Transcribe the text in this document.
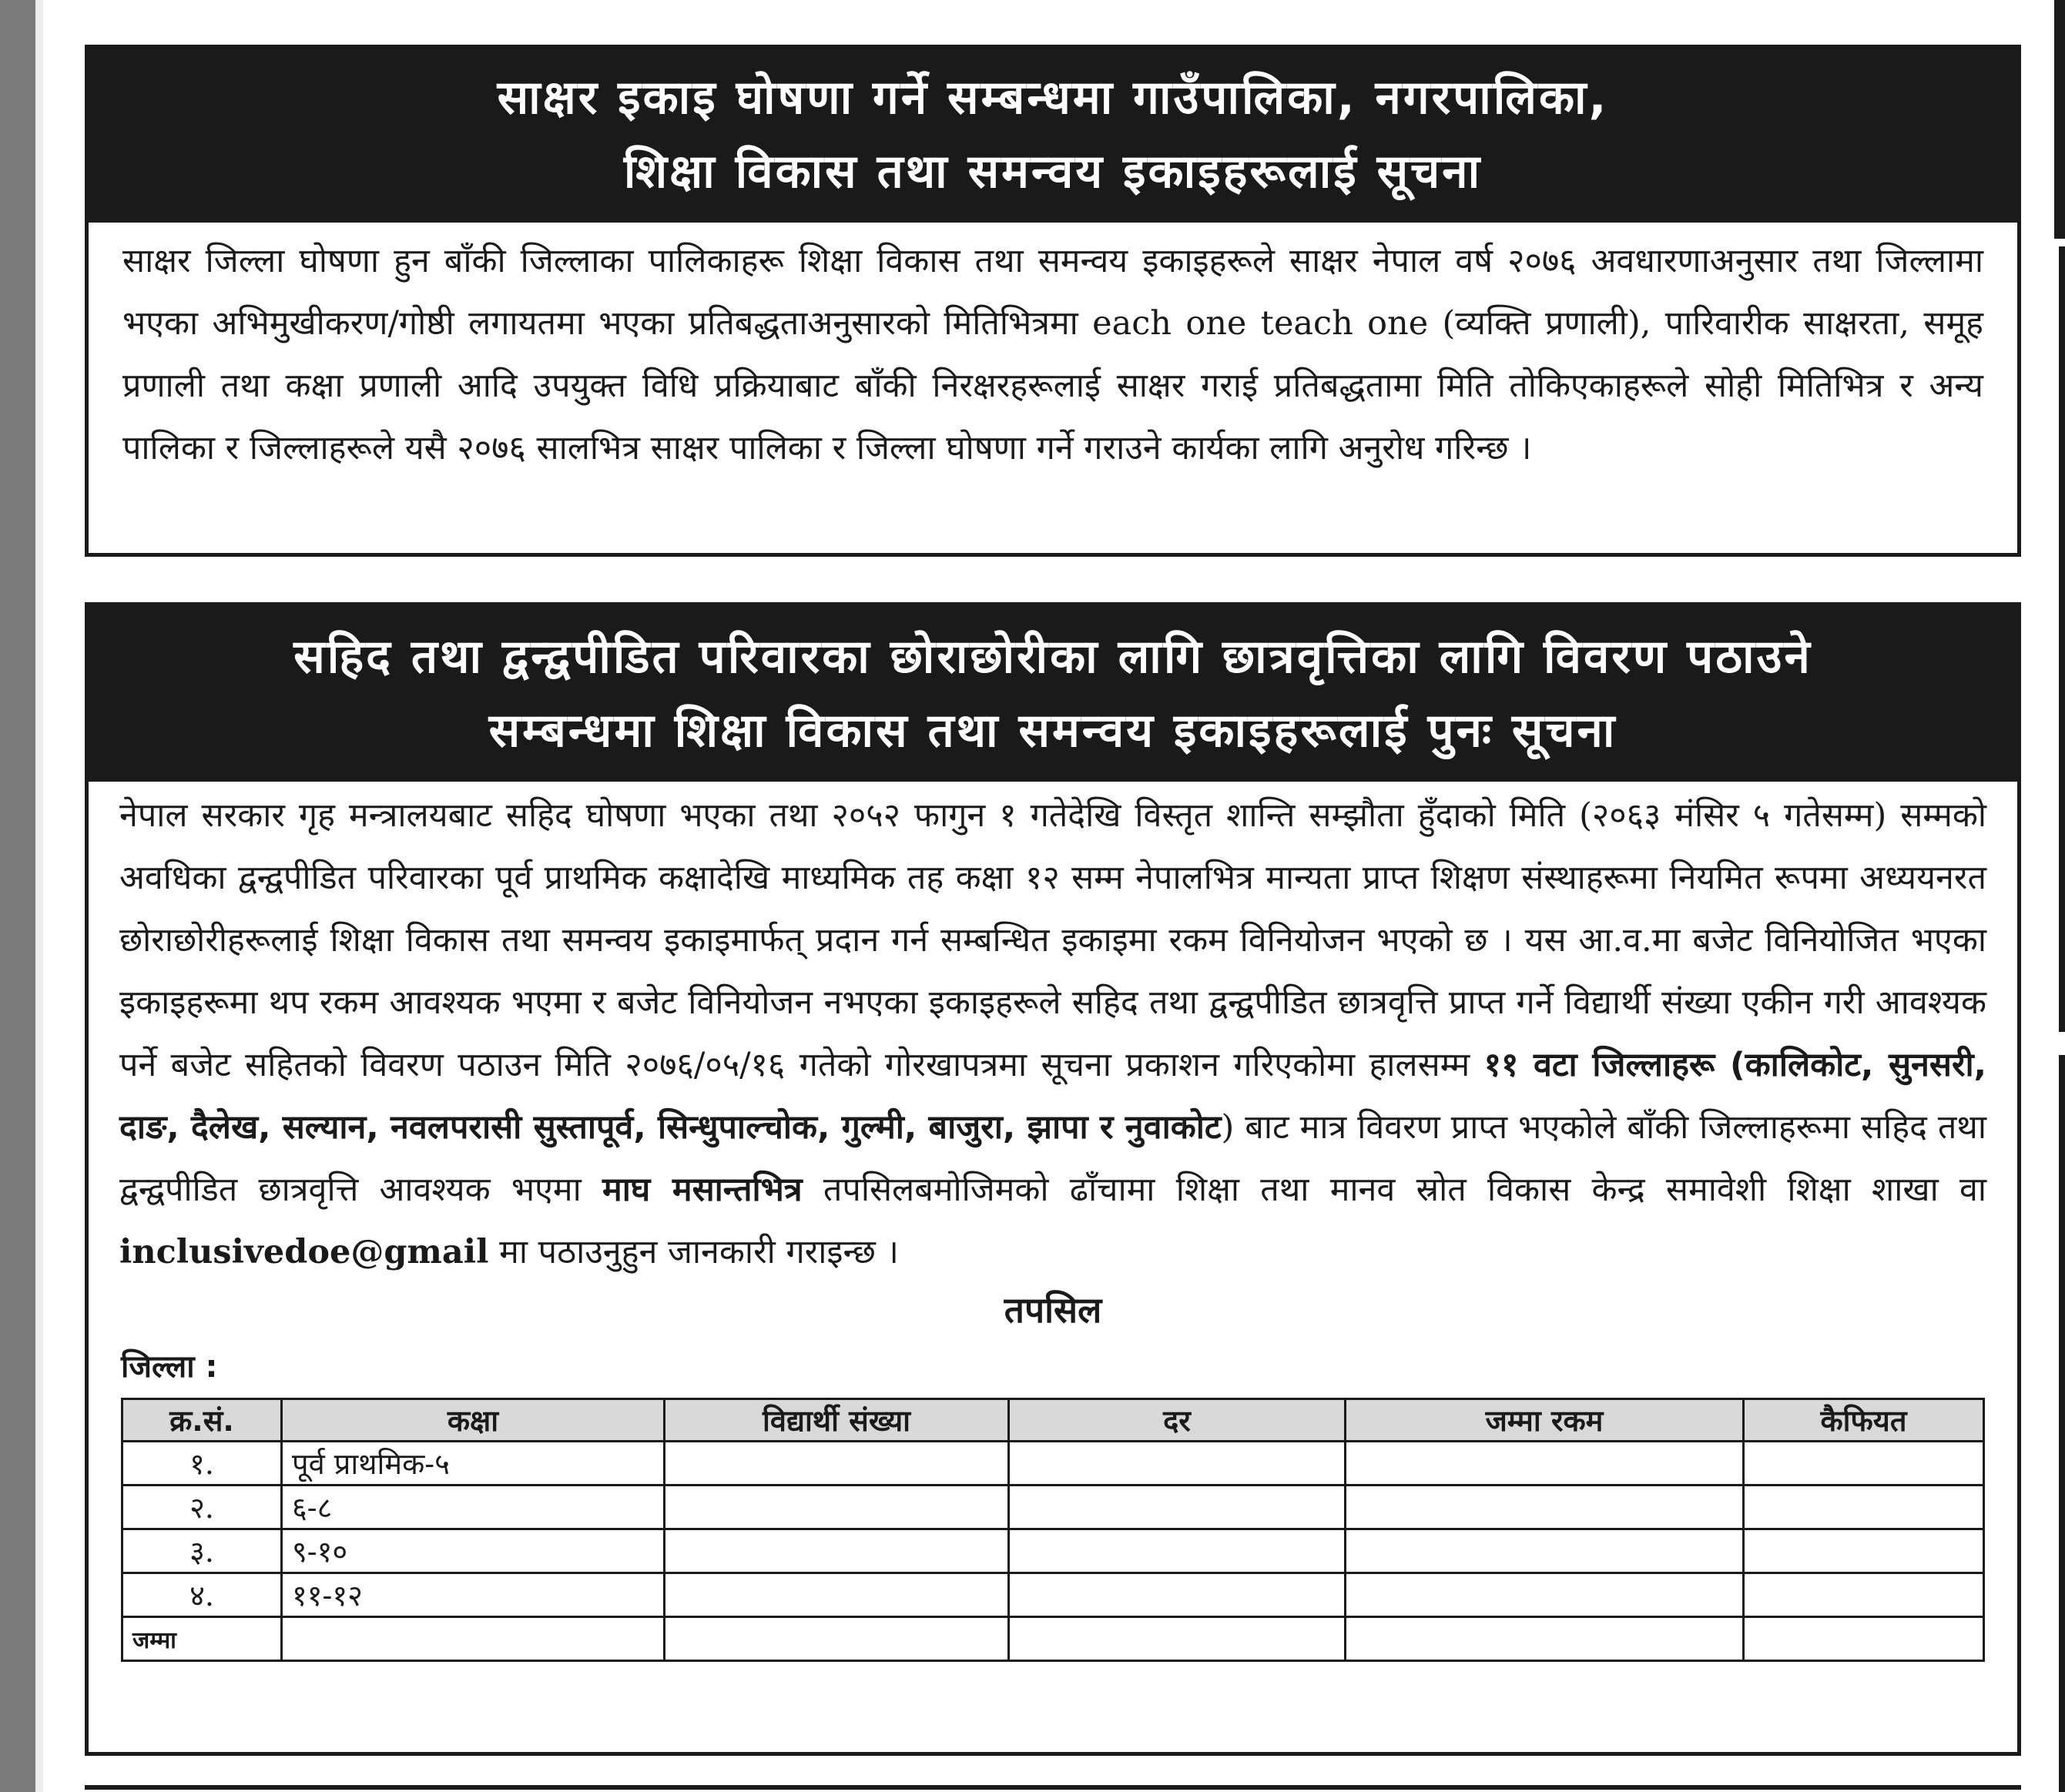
साक्षर इकाइ घोषणा गर्ने सम्बन्धमा गाउँपालिका, नगरपालिका,
शिक्षा विकास तथा समन्वय इकाइहरूलाई सूचना
साक्षर जिल्ला घोषणा हुन बाँकी जिल्लाका पालिकाहरू शिक्षा विकास तथा समन्वय इकाइहरूले साक्षर नेपाल वर्ष २०७६ अवधारणाअनुसार तथा जिल्लामा भएका अभिमुखीकरण/गोष्ठी लगायतमा भएका प्रतिबद्धताअनुसारको मितिभित्रमा each one teach one (व्यक्ति प्रणाली), पारिवारीक साक्षरता, समूह प्रणाली तथा कक्षा प्रणाली आदि उपयुक्त विधि प्रक्रियाबाट बाँकी निरक्षरहरूलाई साक्षर गराई प्रतिबद्धतामा मिति तोकिएकाहरूले सोही मितिभित्र र अन्य पालिका र जिल्लाहरूले यसै २०७६ सालभित्र साक्षर पालिका र जिल्ला घोषणा गर्ने गराउने कार्यका लागि अनुरोध गरिन्छ ।
सहिद तथा द्वन्द्वपीडित परिवारका छोराछोरीका लागि छात्रवृत्तिका लागि विवरण पठाउने
सम्बन्धमा शिक्षा विकास तथा समन्वय इकाइहरूलाई पुनः सूचना
नेपाल सरकार गृह मन्त्रालयबाट सहिद घोषणा भएका तथा २०५२ फागुन १ गतेदेखि विस्तृत शान्ति सम्झौता हुँदाको मिति (२०६३ मंसिर ५ गतेसम्म) सम्मको अवधिका द्वन्द्वपीडित परिवारका पूर्व प्राथमिक कक्षादेखि माध्यमिक तह कक्षा १२ सम्म नेपालभित्र मान्यता प्राप्त शिक्षण संस्थाहरूमा नियमित रूपमा अध्ययनरत छोराछोरीहरूलाई शिक्षा विकास तथा समन्वय इकाइमार्फत् प्रदान गर्न सम्बन्धित इकाइमा रकम विनियोजन भएको छ । यस आ.व.मा बजेट विनियोजित भएका इकाइहरूमा थप रकम आवश्यक भएमा र बजेट विनियोजन नभएका इकाइहरूले सहिद तथा द्वन्द्वपीडित छात्रवृत्ति प्राप्त गर्ने विद्यार्थी संख्या एकीन गरी आवश्यक पर्ने बजेट सहितको विवरण पठाउन मिति २०७६/०५/१६ गतेको गोरखापत्रमा सूचना प्रकाशन गरिएकोमा हालसम्म ११ वटा जिल्लाहरू (कालिकोट, सुनसरी, दाङ, दैलेख, सल्यान, नवलपरासी सुस्तापूर्व, सिन्धुपाल्चोक, गुल्मी, बाजुरा, झापा र नुवाकोट) बाट मात्र विवरण प्राप्त भएकोले बाँकी जिल्लाहरूमा सहिद तथा द्वन्द्वपीडित छात्रवृत्ति आवश्यक भएमा माघ मसान्तभित्र तपसिलबमोजिमको ढाँचामा शिक्षा तथा मानव स्रोत विकास केन्द्र समावेशी शिक्षा शाखा वा inclusivedoe@gmail मा पठाउनुहुन जानकारी गराइन्छ ।
तपसिल
जिल्ला :
क्र.सं.	कक्षा	विद्यार्थी संख्या	दर	जम्मा रकम	कैफियत
१.	पूर्व प्राथमिक-५				
२.	६-८				
३.	९-१०				
४.	११-१२				
जम्मा					
